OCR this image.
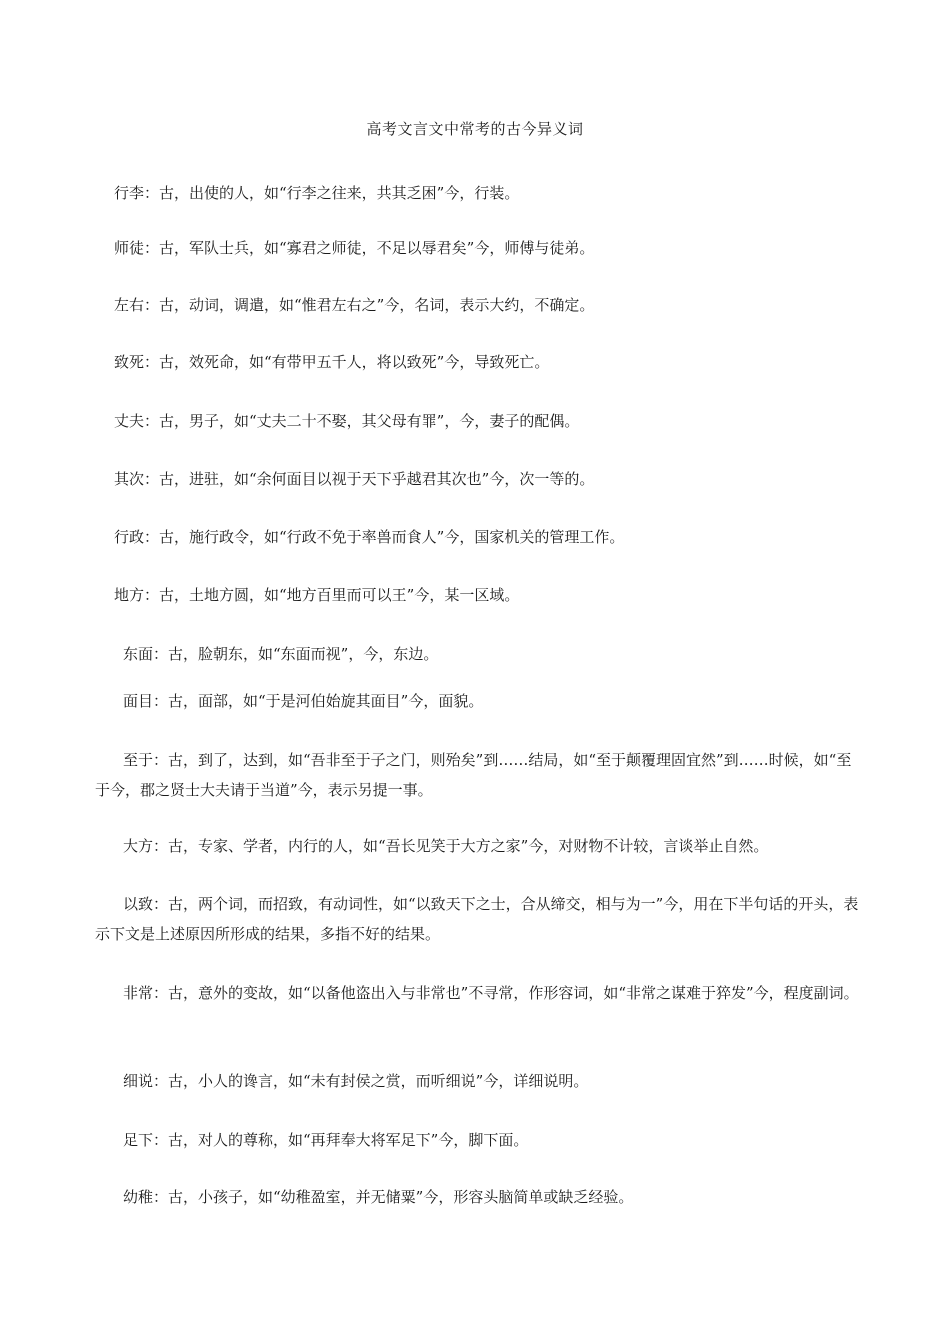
高考文言文中常考的古今异义词
行李：古，出使的人，如“行李之往来，共其乏困”今，行装。
师徒：古，军队士兵，如“寡君之师徒，不足以辱君矣”今，师傅与徒弟。
左右：古，动词，调遣，如“惟君左右之”今，名词，表示大约，不确定。
致死：古，效死命，如“有带甲五千人，将以致死”今，导致死亡。
丈夫：古，男子，如“丈夫二十不娶，其父母有罪”，今，妻子的配偶。
其次：古，进驻，如“余何面目以视于天下乎越君其次也”今，次一等的。
行政：古，施行政令，如“行政不免于率兽而食人”今，国家机关的管理工作。
地方：古，土地方圆，如“地方百里而可以王”今，某一区域。
东面：古，脸朝东，如“东面而视”，今，东边。
面目：古，面部，如“于是河伯始旋其面目”今，面貌。
至于：古，到了，达到，如“吾非至于子之门，则殆矣”到……结局，如“至于颠覆理固宜然”到……时候，如“至于今，郡之贤士大夫请于当道”今，表示另提一事。
大方：古，专家、学者，内行的人，如“吾长见笑于大方之家”今，对财物不计较，言谈举止自然。
以致：古，两个词，而招致，有动词性，如“以致天下之士，合从缔交，相与为一”今，用在下半句话的开头，表示下文是上述原因所形成的结果，多指不好的结果。
非常：古，意外的变故，如“以备他盗出入与非常也”不寻常，作形容词，如“非常之谋难于猝发”今，程度副词。
细说：古，小人的谗言，如“未有封侯之赏，而听细说”今，详细说明。
足下：古，对人的尊称，如“再拜奉大将军足下”今，脚下面。
幼稚：古，小孩子，如“幼稚盈室，并无储粟”今，形容头脑简单或缺乏经验。
